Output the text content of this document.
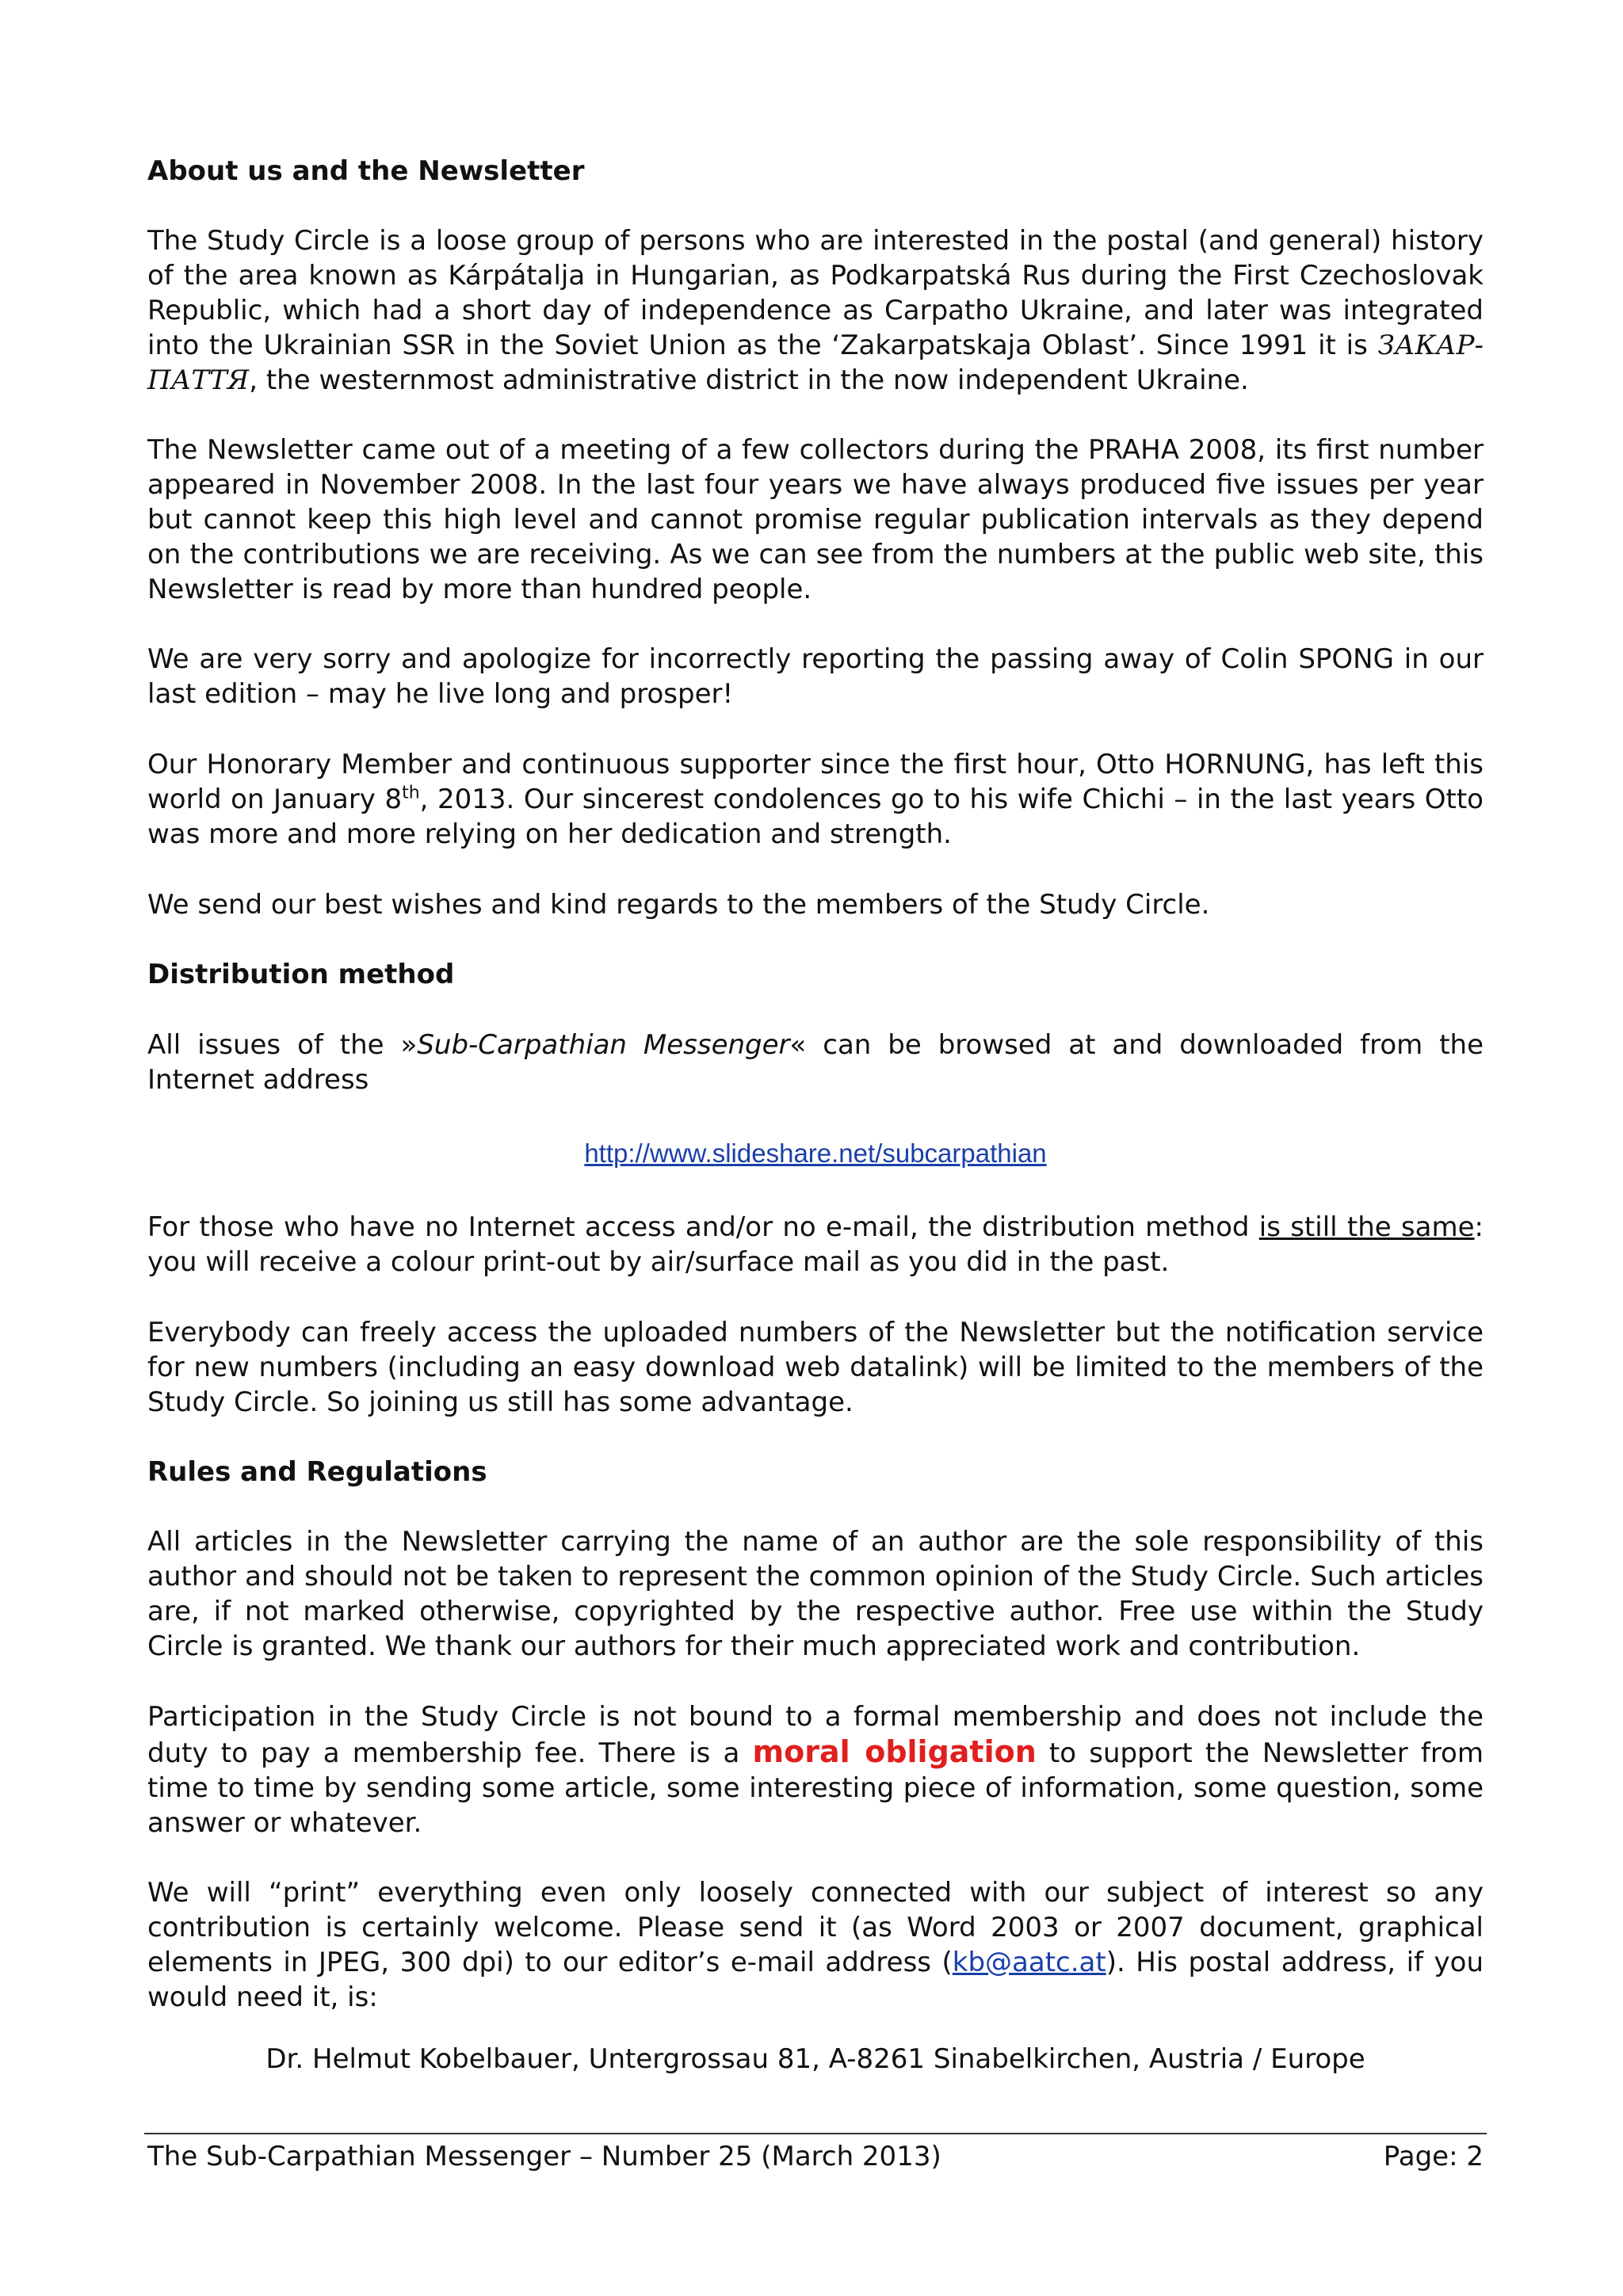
About us and the Newsletter
The Study Circle is a loose group of persons who are interested in the postal (and general) history of the area known as Kárpátalja in Hungarian, as Podkarpatská Rus during the First Czechoslovak Republic, which had a short day of independence as Carpatho Ukraine, and later was integrated into the Ukrainian SSR in the Soviet Union as the ‘Zakarpatskaja Oblast’. Since 1991 it is ЗАКАР-ПАТТЯ, the westernmost administrative district in the now independent Ukraine.
The Newsletter came out of a meeting of a few collectors during the PRAHA 2008, its first number appeared in November 2008. In the last four years we have always produced five issues per year but cannot keep this high level and cannot promise regular publication intervals as they depend on the contributions we are receiving. As we can see from the numbers at the public web site, this Newsletter is read by more than hundred people.
We are very sorry and apologize for incorrectly reporting the passing away of Colin SPONG in our last edition – may he live long and prosper!
Our Honorary Member and continuous supporter since the first hour, Otto HORNUNG, has left this world on January 8th, 2013. Our sincerest condolences go to his wife Chichi – in the last years Otto was more and more relying on her dedication and strength.
We send our best wishes and kind regards to the members of the Study Circle.
Distribution method
All issues of the »Sub-Carpathian Messenger« can be browsed at and downloaded from the Internet address
http://www.slideshare.net/subcarpathian
For those who have no Internet access and/or no e-mail, the distribution method is still the same: you will receive a colour print-out by air/surface mail as you did in the past.
Everybody can freely access the uploaded numbers of the Newsletter but the notification service for new numbers (including an easy download web datalink) will be limited to the members of the Study Circle. So joining us still has some advantage.
Rules and Regulations
All articles in the Newsletter carrying the name of an author are the sole responsibility of this author and should not be taken to represent the common opinion of the Study Circle. Such articles are, if not marked otherwise, copyrighted by the respective author. Free use within the Study Circle is granted. We thank our authors for their much appreciated work and contribution.
Participation in the Study Circle is not bound to a formal membership and does not include the duty to pay a membership fee. There is a moral obligation to support the Newsletter from time to time by sending some article, some interesting piece of information, some question, some answer or whatever.
We will “print” everything even only loosely connected with our subject of interest so any contribution is certainly welcome. Please send it (as Word 2003 or 2007 document, graphical elements in JPEG, 300 dpi) to our editor’s e-mail address (kb@aatc.at). His postal address, if you would need it, is:
Dr. Helmut Kobelbauer, Untergrossau 81, A-8261 Sinabelkirchen, Austria / Europe
The Sub-Carpathian Messenger – Number 25 (March 2013)	Page: 2
